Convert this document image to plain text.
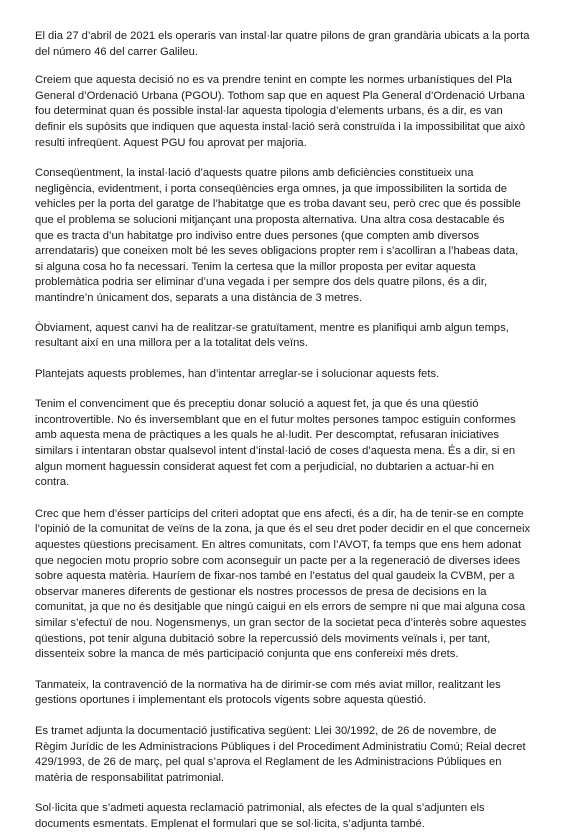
El dia 27 d’abril de 2021 els operaris van instal·lar quatre pilons de gran grandària ubicats a la porta
del número 46 del carrer Galileu.

Creiem que aquesta decisió no es va prendre tenint en compte les normes urbanístiques del Pla
General d’Ordenació Urbana (PGOU). Tothom sap que en aquest Pla General d’Ordenació Urbana
fou determinat quan és possible instal·lar aquesta tipologia d’elements urbans, és a dir, es van
definir els supòsits que indiquen que aquesta instal·lació serà construïda i la impossibilitat que això
resulti infreqüent. Aquest PGU fou aprovat per majoria.

Conseqüentment, la instal·lació d’aquests quatre pilons amb deficiències constitueix una
negligència, evidentment, i porta conseqüències erga omnes, ja que impossibiliten la sortida de
vehicles per la porta del garatge de l’habitatge que es troba davant seu, però crec que és possible
que el problema se solucioni mitjançant una proposta alternativa. Una altra cosa destacable és
que es tracta d’un habitatge pro indiviso entre dues persones (que compten amb diversos
arrendataris) que coneixen molt bé les seves obligacions propter rem i s’acolliran a l’habeas data,
si alguna cosa ho fa necessari. Tenim la certesa que la millor proposta per evitar aquesta
problemàtica podria ser eliminar d’una vegada i per sempre dos dels quatre pilons, és a dir,
mantindre’n únicament dos, separats a una distància de 3 metres.

Òbviament, aquest canvi ha de realitzar-se gratuïtament, mentre es planifiqui amb algun temps,
resultant així en una millora per a la totalitat dels veïns.

Plantejats aquests problemes, han d’intentar arreglar-se i solucionar aquests fets.

Tenim el convenciment que és preceptiu donar solució a aquest fet, ja que és una qüestió
incontrovertible. No és inversemblant que en el futur moltes persones tampoc estiguin conformes
amb aquesta mena de pràctiques a les quals he al·ludit. Per descomptat, refusaran iniciatives
similars i intentaran obstar qualsevol intent d’instal·lació de coses d’aquesta mena. És a dir, si en
algun moment haguessin considerat aquest fet com a perjudicial, no dubtarien a actuar-hi en
contra.

Crec que hem d’ésser partícips del criteri adoptat que ens afecti, és a dir, ha de tenir-se en compte
l’opinió de la comunitat de veïns de la zona, ja que és el seu dret poder decidir en el que concerneix
aquestes qüestions precisament. En altres comunitats, com l’AVOT, fa temps que ens hem adonat
que negocien motu proprio sobre com aconseguir un pacte per a la regeneració de diverses idees
sobre aquesta matèria. Hauríem de fixar-nos també en l’estatus del qual gaudeix la CVBM, per a
observar maneres diferents de gestionar els nostres processos de presa de decisions en la
comunitat, ja que no és desitjable que ningú caigui en els errors de sempre ni que mai alguna cosa
similar s’efectuï de nou. Nogensmenys, un gran sector de la societat peca d’interès sobre aquestes
qüestions, pot tenir alguna dubitació sobre la repercussió dels moviments veïnals i, per tant,
dissenteix sobre la manca de més participació conjunta que ens confereixi més drets.

Tanmateix, la contravenció de la normativa ha de dirimir-se com més aviat millor, realitzant les
gestions oportunes i implementant els protocols vigents sobre aquesta qüestió.

Es tramet adjunta la documentació justificativa següent: Llei 30/1992, de 26 de novembre, de
Règim Jurídic de les Administracions Públiques i del Procediment Administratiu Comú; Reial decret
429/1993, de 26 de març, pel qual s’aprova el Reglament de les Administracions Públiques en
matèria de responsabilitat patrimonial.

Sol·licita que s’admeti aquesta reclamació patrimonial, als efectes de la qual s’adjunten els
documents esmentats. Emplenat el formulari que se sol·licita, s’adjunta també.
